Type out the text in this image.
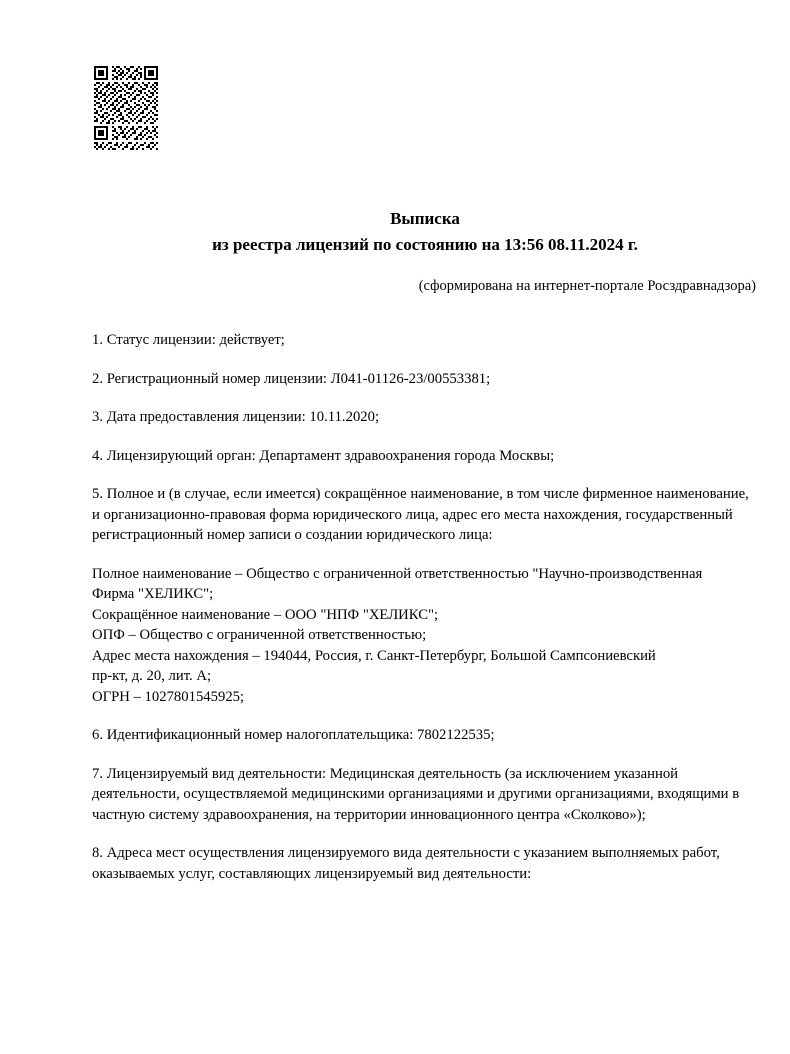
Выписка
из реестра лицензий по состоянию на 13:56 08.11.2024 г.
(сформирована на интернет-портале Росздравнадзора)

1. Статус лицензии: действует;

2. Регистрационный номер лицензии: Л041-01126-23/00553381;

3. Дата предоставления лицензии: 10.11.2020;

4. Лицензирующий орган: Департамент здравоохранения города Москвы;

5. Полное и (в случае, если имеется) сокращённое наименование, в том числе фирменное наименование, и организационно-правовая форма юридического лица, адрес его места нахождения, государственный регистрационный номер записи о создании юридического лица:

Полное наименование – Общество с ограниченной ответственностью "Научно-производственная
Фирма "ХЕЛИКС";
Сокращённое наименование – ООО "НПФ "ХЕЛИКС";
ОПФ – Общество с ограниченной ответственностью;
Адрес места нахождения – 194044, Россия, г. Санкт-Петербург, Большой Сампсониевский
пр-кт, д. 20, лит. А;
ОГРН – 1027801545925;

6. Идентификационный номер налогоплательщика: 7802122535;

7. Лицензируемый вид деятельности: Медицинская деятельность (за исключением указанной деятельности, осуществляемой медицинскими организациями и другими организациями, входящими в частную систему здравоохранения, на территории инновационного центра «Сколково»);

8. Адреса мест осуществления лицензируемого вида деятельности с указанием выполняемых работ, оказываемых услуг, составляющих лицензируемый вид деятельности:
